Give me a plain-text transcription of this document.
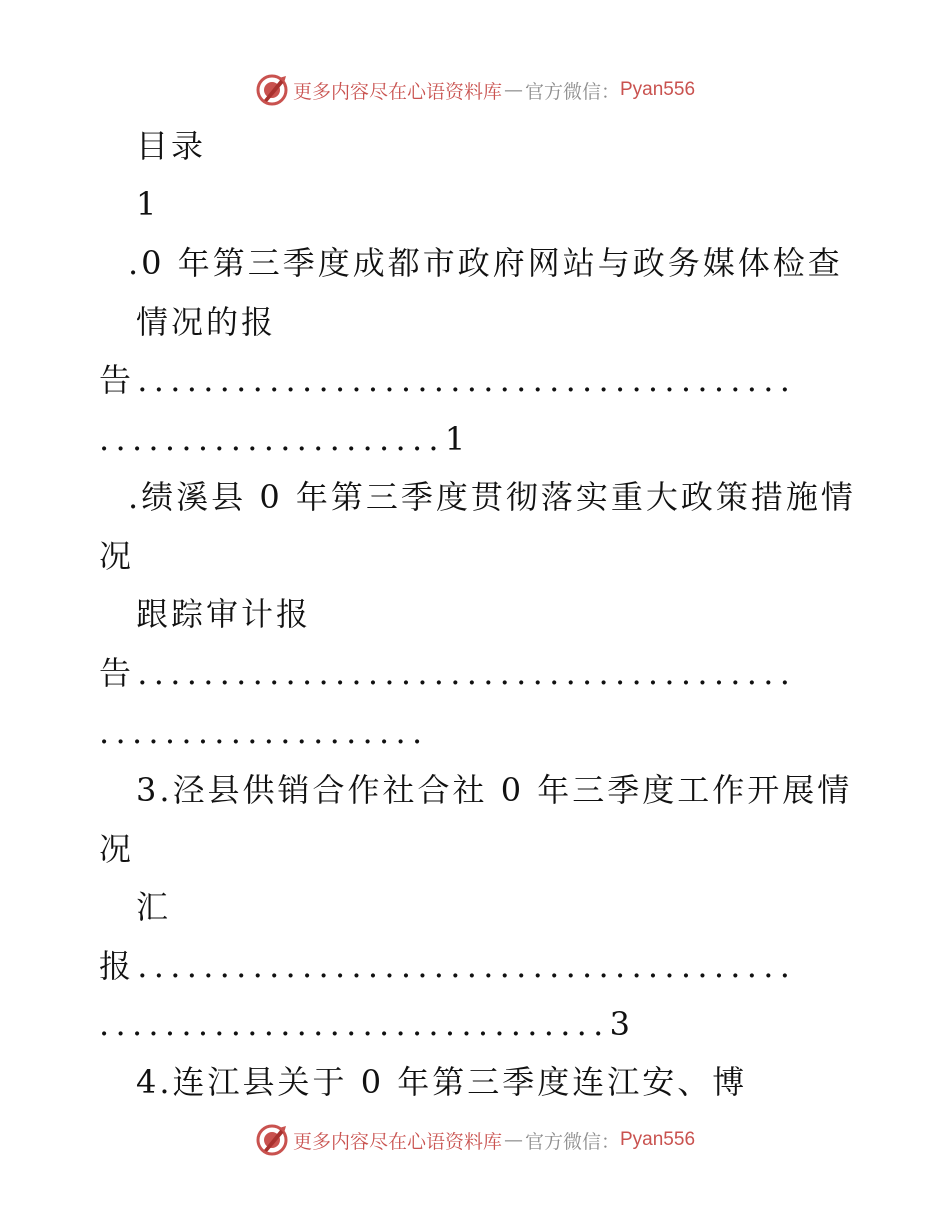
更多内容尽在心语资料库 — 官方微信： Pyan556
目录
1
.0 年第三季度成都市政府网站与政务媒体检查
情况的报
告........................................
.....................1
.绩溪县 0 年第三季度贯彻落实重大政策措施情
况
跟踪审计报
告........................................
....................
3.泾县供销合作社合社 0 年三季度工作开展情
况
汇
报........................................
...............................3
4.连江县关于 0 年第三季度连江安、博
更多内容尽在心语资料库 — 官方微信： Pyan556
